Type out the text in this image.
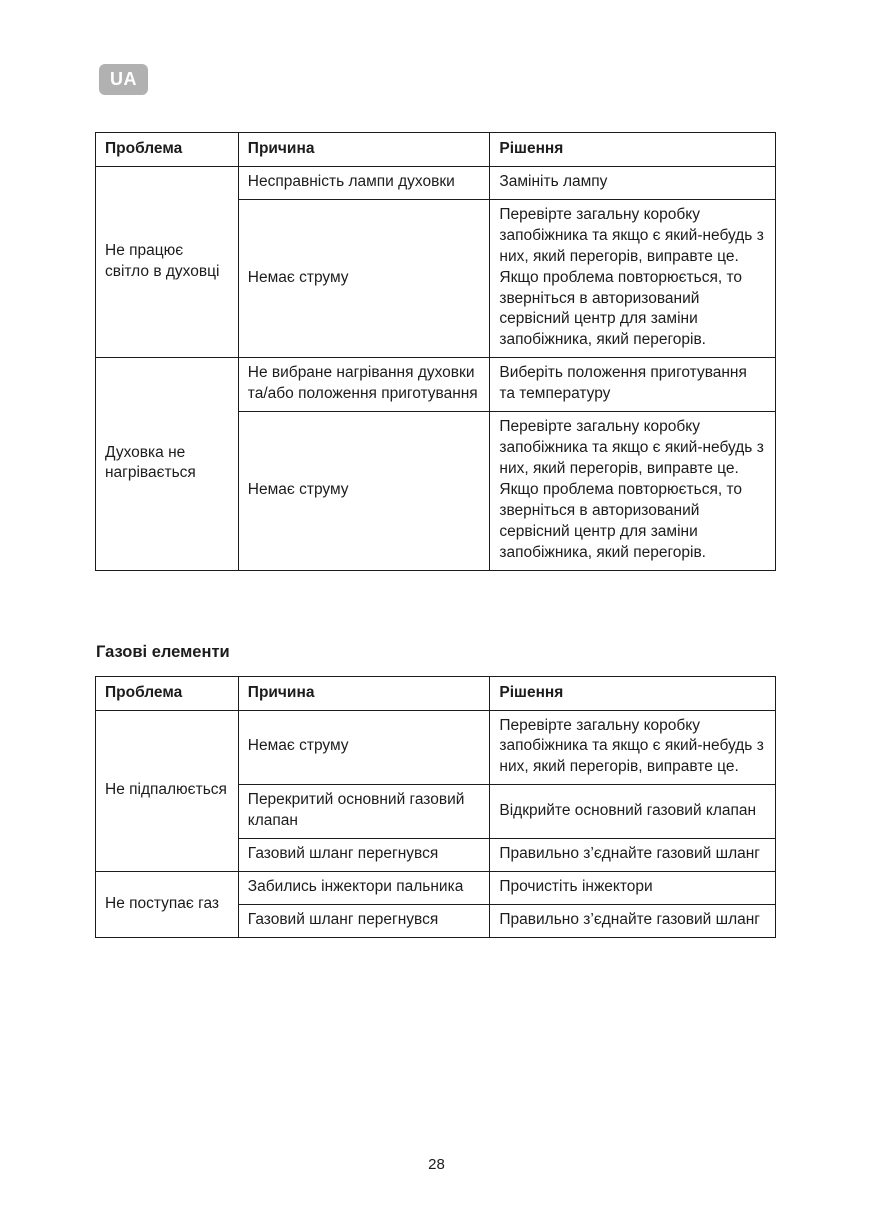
UA
Проблема	Причина	Рішення
Не працює світло в духовці	Несправність лампи духовки	Замініть лампу
	Немає струму	Перевірте загальну коробку запобіжника та якщо є який-небудь з них, який перегорів, виправте це. Якщо проблема повторюється, то зверніться в авторизований сервісний центр для заміни запобіжника, який перегорів.
Духовка не нагрівається	Не вибране нагрівання духовки та/або положення приготування	Виберіть положення приготування та температуру
	Немає струму	Перевірте загальну коробку запобіжника та якщо є який-небудь з них, який перегорів, виправте це. Якщо проблема повторюється, то зверніться в авторизований сервісний центр для заміни запобіжника, який перегорів.
Газові елементи
Проблема	Причина	Рішення
Не підпалюється	Немає струму	Перевірте загальну коробку запобіжника та якщо є який-небудь з них, який перегорів, виправте це.
	Перекритий основний газовий клапан	Відкрийте основний газовий клапан
	Газовий шланг перегнувся	Правильно з’єднайте газовий шланг
Не поступає газ	Забились інжектори пальника	Прочистіть інжектори
	Газовий шланг перегнувся	Правильно з’єднайте газовий шланг
28
